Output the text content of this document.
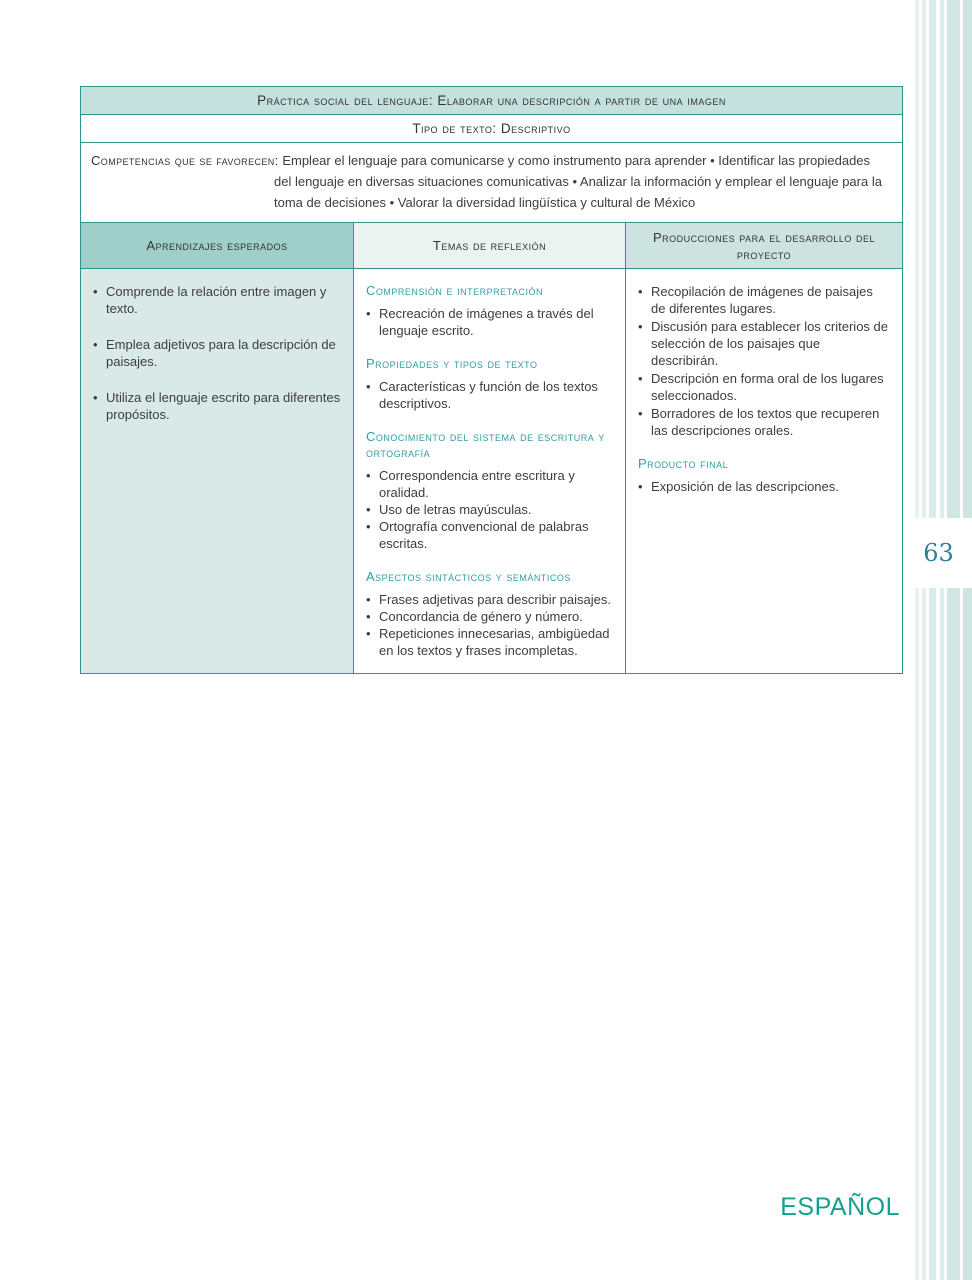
63
Práctica social del lenguaje: Elaborar una descripción a partir de una imagen
Tipo de texto: Descriptivo

Competencias que se favorecen: Emplear el lenguaje para comunicarse y como instrumento para aprender • Identificar las propiedades del lenguaje en diversas situaciones comunicativas • Analizar la información y emplear el lenguaje para la toma de decisiones • Valorar la diversidad lingüística y cultural de México

Aprendizajes esperados	Temas de reflexión
Producciones para el desarrollo del proyecto
• Comprende la relación entre imagen y texto.
• Emplea adjetivos para la descripción de paisajes.
• Utiliza el lenguaje escrito para diferentes propósitos.
Comprensión e interpretación
• Recreación de imágenes a través del lenguaje escrito.
Propiedades y tipos de texto
• Características y función de los textos descriptivos.
Conocimiento del sistema de escritura y ortografía
• Correspondencia entre escritura y oralidad.
• Uso de letras mayúsculas.
• Ortografía convencional de palabras escritas.
Aspectos sintácticos y semánticos
• Frases adjetivas para describir paisajes.
• Concordancia de género y número.
• Repeticiones innecesarias, ambigüedad en los textos y frases incompletas.
• Recopilación de imágenes de paisajes de diferentes lugares.
• Discusión para establecer los criterios de selección de los paisajes que describirán.
• Descripción en forma oral de los lugares seleccionados.
• Borradores de los textos que recuperen las descripciones orales.
Producto final
• Exposición de las descripciones.
ESPAÑOL
